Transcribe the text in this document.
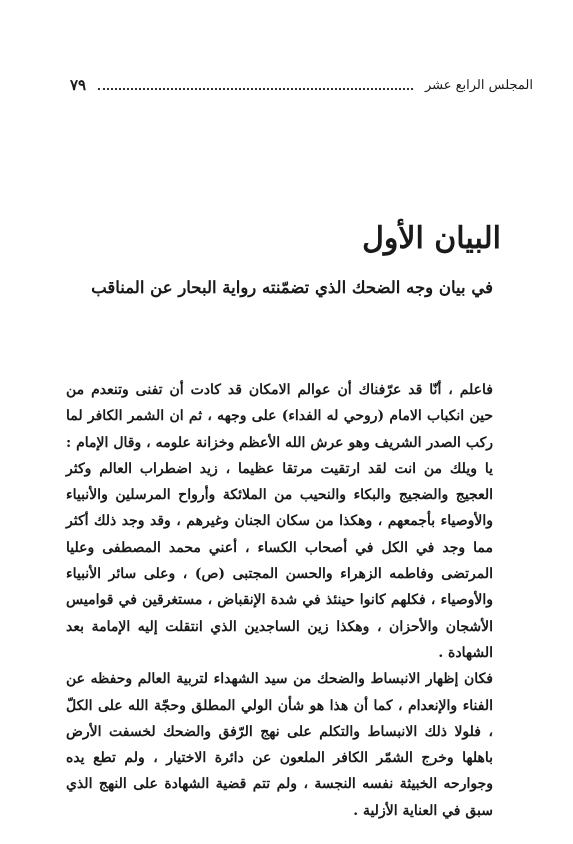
المجلس الرابع عشر
٧٩
البيان الأول
في بيان وجه الضحك الذي تضمّنته رواية البحار عن المناقب

فاعلم ، أنّا قد عرّفناك أن عوالم الامكان قد كادت أن تفنى وتنعدم من حين انكباب الامام (روحي له الفداء) على وجهه ، ثم ان الشمر الكافر لما ركب الصدر الشريف وهو عرش الله الأعظم وخزانة علومه ، وقال الإمام : يا ويلك من انت لقد ارتقيت مرتقا عظيما ، زيد اضطراب العالم وكثر العجيج والضجيج والبكاء والنحيب من الملائكة وأرواح المرسلين والأنبياء والأوصياء بأجمعهم ، وهكذا من سكان الجنان وغيرهم ، وقد وجد ذلك أكثر مما وجد في الكل في أصحاب الكساء ، أعني محمد المصطفى وعليا المرتضى وفاطمه الزهراء والحسن المجتبى (ص) ، وعلى سائر الأنبياء والأوصياء ، فكلهم كانوا حينئذ في شدة الإنقباض ، مستغرقين في قواميس الأشجان والأحزان ، وهكذا زين الساجدين الذي انتقلت إليه الإمامة بعد الشهادة .

فكان إظهار الانبساط والضحك من سيد الشهداء لتربية العالم وحفظه عن الفناء والإنعدام ، كما أن هذا هو شأن الولي المطلق وحجّة الله على الكلّ ، فلولا ذلك الانبساط والتكلم على نهج الرّفق والضحك لخسفت الأرض باهلها وخرج الشمّر الكافر الملعون عن دائرة الاختيار ، ولم تطع يده وجوارحه الخبيثة نفسه النجسة ، ولم تتم قضية الشهادة على النهج الذي سبق في العناية الأزلية .
